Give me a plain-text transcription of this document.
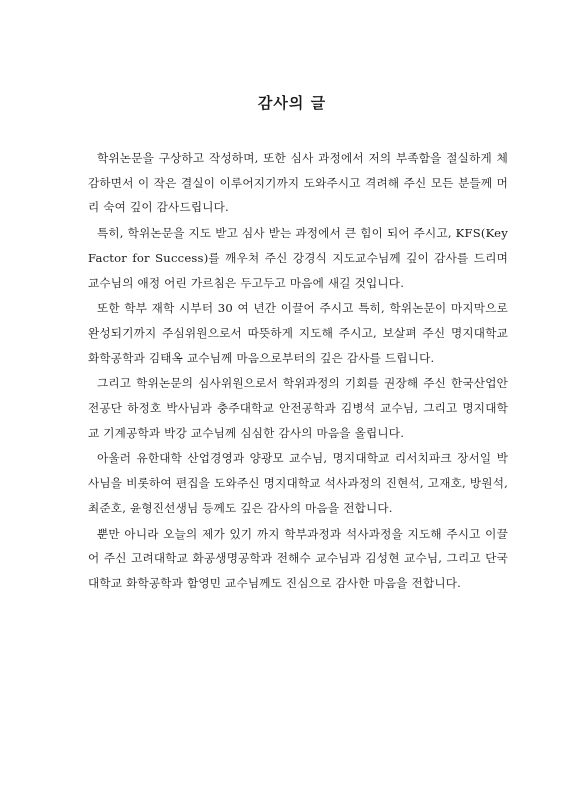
감사의 글

학위논문을 구상하고 작성하며, 또한 심사 과정에서 저의 부족함을 절실하게 체감하면서 이 작은 결실이 이루어지기까지 도와주시고 격려해 주신 모든 분들께 머리 숙여 깊이 감사드립니다.

특히, 학위논문을 지도 받고 심사 받는 과정에서 큰 힘이 되어 주시고, KFS(Key Factor for Success)를 깨우쳐 주신 강경식 지도교수님께 깊이 감사를 드리며 교수님의 애정 어린 가르침은 두고두고 마음에 새길 것입니다.

또한 학부 재학 시부터 30 여 년간 이끌어 주시고 특히, 학위논문이 마지막으로 완성되기까지 주심위원으로서 따뜻하게 지도해 주시고, 보살펴 주신 명지대학교 화학공학과 김태옥 교수님께 마음으로부터의 깊은 감사를 드립니다.

그리고 학위논문의 심사위원으로서 학위과정의 기회를 권장해 주신 한국산업안전공단 하정호 박사님과 충주대학교 안전공학과 김병석 교수님, 그리고 명지대학교 기계공학과 박강 교수님께 심심한 감사의 마음을 올립니다.

아울러 유한대학 산업경영과 양광모 교수님, 명지대학교 리서치파크 장서일 박사님을 비롯하여 편집을 도와주신 명지대학교 석사과정의 진현석, 고재호, 방원석, 최준호, 윤형진선생님 등께도 깊은 감사의 마음을 전합니다.

뿐만 아니라 오늘의 제가 있기 까지 학부과정과 석사과정을 지도해 주시고 이끌어 주신 고려대학교 화공생명공학과 전해수 교수님과 김성현 교수님, 그리고 단국대학교 화학공학과 함영민 교수님께도 진심으로 감사한 마음을 전합니다.
